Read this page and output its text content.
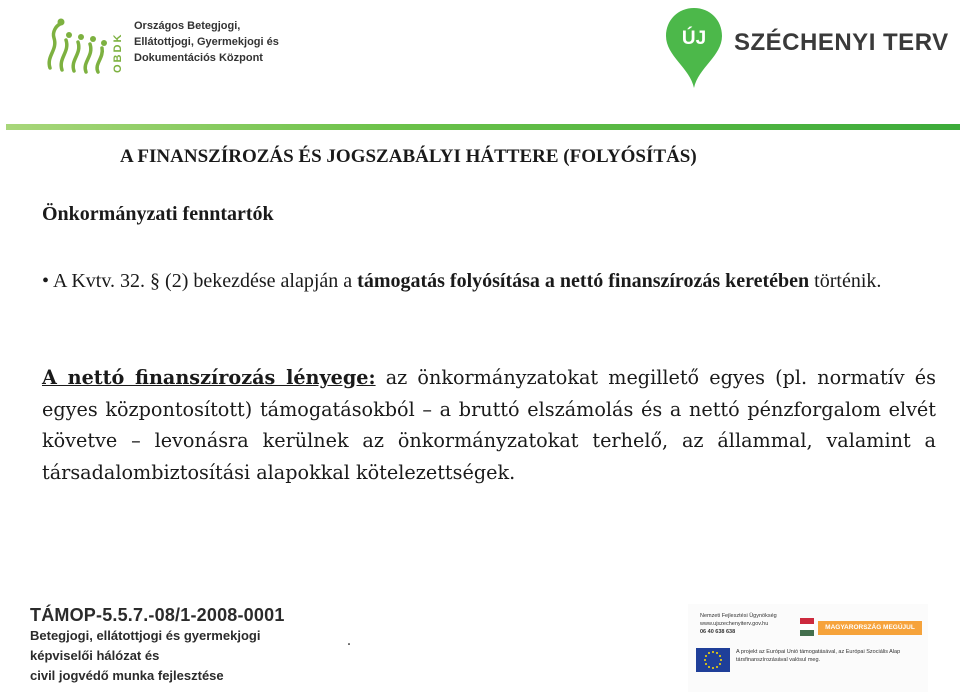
OBDK
Országos Betegjogi,
Ellátottjogi, Gyermekjogi és
Dokumentációs Központ
ÚJ	SZÉCHENYI TERV
A FINANSZÍROZÁS ÉS JOGSZABÁLYI HÁTTERE (FOLYÓSÍTÁS)
Önkormányzati fenntartók
• A Kvtv. 32. § (2) bekezdése alapján a támogatás folyósítása a nettó finanszírozás keretében történik.
A nettó finanszírozás lényege: az önkormányzatokat megillető egyes (pl. normatív és egyes központosított) támogatásokból – a bruttó elszámolás és a nettó pénzforgalom elvét követve – levonásra kerülnek az önkormányzatokat terhelő, az állammal, valamint a társadalombiztosítási alapokkal kötelezettségek.
TÁMOP-5.5.7.-08/1-2008-0001
Betegjogi, ellátottjogi és gyermekjogi
képviselői hálózat és
civil jogvédő munka fejlesztése
.
Nemzeti Fejlesztési Ügynökség
www.ujszechenyiterv.gov.hu
06 40 638 638
MAGYARORSZÁG MEGÚJUL
A projekt az Európai Unió támogatásával, az Európai Szociális Alap társfinanszírozásával valósul meg.
